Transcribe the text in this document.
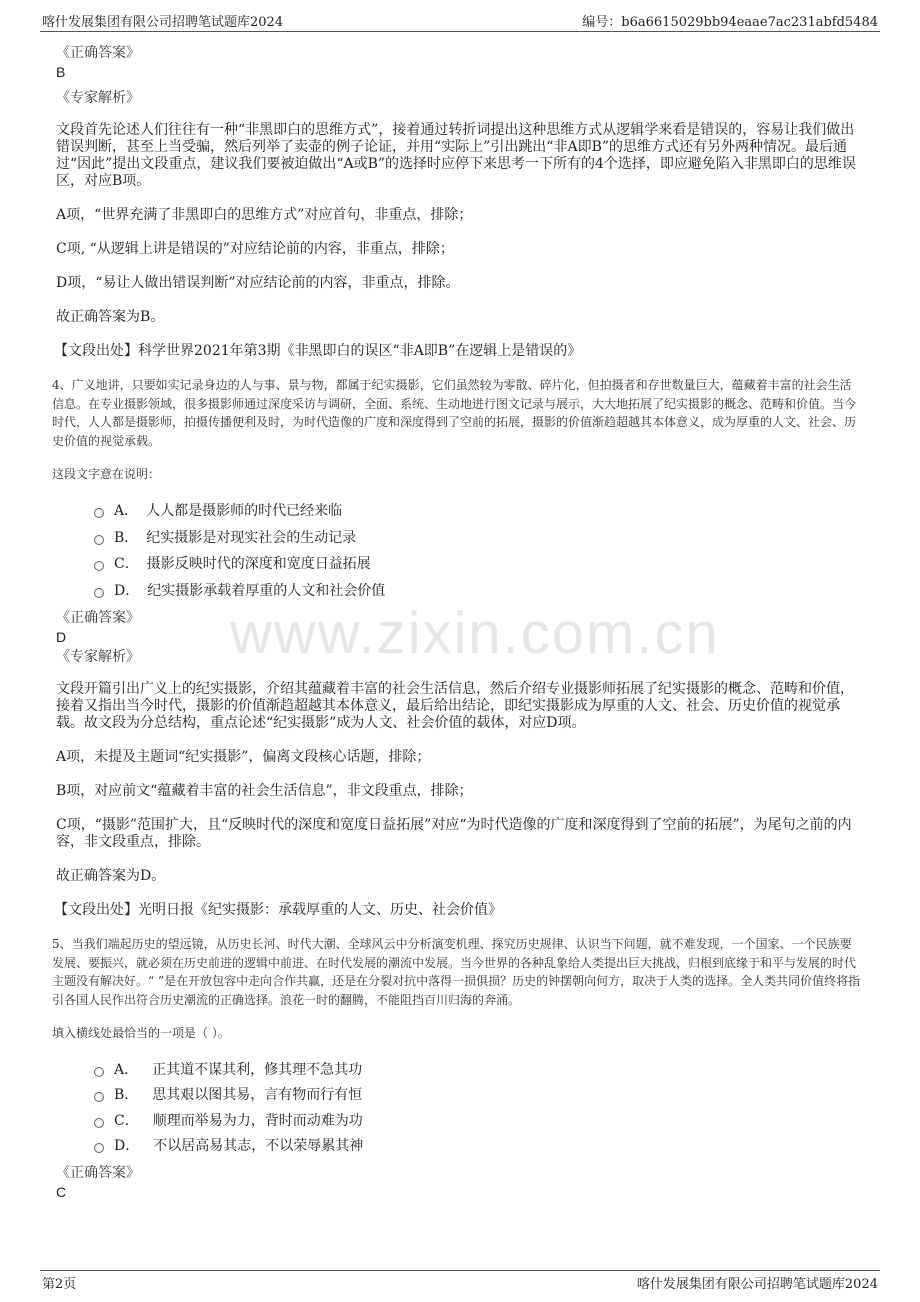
喀什发展集团有限公司招聘笔试题库2024	编号：b6a6615029bb94eaae7ac231abfd5484
www.zixin.com.cn

《正确答案》

B

《专家解析》

文段首先论述人们往往有一种“非黑即白的思维方式”，接着通过转折词提出这种思维方式从逻辑学来看是错误的，容易让我们做出错误判断，甚至上当受骗，然后列举了卖壶的例子论证，并用“实际上”引出跳出“非A即B”的思维方式还有另外两种情况。最后通过“因此”提出文段重点，建议我们要被迫做出“A或B”的选择时应停下来思考一下所有的4个选择，即应避免陷入非黑即白的思维误区，对应B项。

A项，“世界充满了非黑即白的思维方式”对应首句，非重点，排除；

C项, “从逻辑上讲是错误的”对应结论前的内容，非重点，排除；

D项，“易让人做出错误判断”对应结论前的内容，非重点，排除。

故正确答案为B。

【文段出处】科学世界2021年第3期《非黑即白的误区“非A即B”在逻辑上是错误的》

4、广义地讲，只要如实记录身边的人与事、景与物，都属于纪实摄影，它们虽然较为零散、碎片化，但拍摄者和存世数量巨大，蕴藏着丰富的社会生活信息。在专业摄影领域，很多摄影师通过深度采访与调研，全面、系统、生动地进行图文记录与展示，大大地拓展了纪实摄影的概念、范畴和价值。当今时代，人人都是摄影师，拍摄传播便利及时，为时代造像的广度和深度得到了空前的拓展，摄影的价值渐趋超越其本体意义，成为厚重的人文、社会、历史价值的视觉承载。

这段文字意在说明：

A． 人人都是摄影师的时代已经来临
B． 纪实摄影是对现实社会的生动记录
C． 摄影反映时代的深度和宽度日益拓展
D． 纪实摄影承载着厚重的人文和社会价值

《正确答案》

D

《专家解析》

文段开篇引出广义上的纪实摄影，介绍其蕴藏着丰富的社会生活信息，然后介绍专业摄影师拓展了纪实摄影的概念、范畴和价值，接着又指出当今时代，摄影的价值渐趋超越其本体意义，最后给出结论，即纪实摄影成为厚重的人文、社会、历史价值的视觉承载。故文段为分总结构，重点论述“纪实摄影”成为人文、社会价值的载体，对应D项。

A项，未提及主题词“纪实摄影”，偏离文段核心话题，排除；

B项，对应前文“蕴藏着丰富的社会生活信息”，非文段重点，排除；

C项，“摄影”范围扩大，且“反映时代的深度和宽度日益拓展”对应“为时代造像的广度和深度得到了空前的拓展”，为尾句之前的内容，非文段重点，排除。

故正确答案为D。

【文段出处】光明日报《纪实摄影：承载厚重的人文、历史、社会价值》

5、当我们端起历史的望远镜，从历史长河、时代大潮、全球风云中分析演变机理、探究历史规律、认识当下问题，就不难发现，一个国家、一个民族要发展、要振兴，就必须在历史前进的逻辑中前进、在时代发展的潮流中发展。当今世界的各种乱象给人类提出巨大挑战，归根到底缘于和平与发展的时代主题没有解决好。“ ”是在开放包容中走向合作共赢，还是在分裂对抗中落得一损俱损？历史的钟摆朝向何方，取决于人类的选择。全人类共同价值终将指引各国人民作出符合历史潮流的正确选择。浪花一时的翻腾，不能阻挡百川归海的奔涌。

填入横线处最恰当的一项是（ ）。

A． 正其道不谋其利，修其理不急其功
B． 思其艰以图其易，言有物而行有恒
C． 顺理而举易为力，背时而动难为功
D． 不以居高易其志，不以荣辱累其神

《正确答案》

C

第2页	喀什发展集团有限公司招聘笔试题库2024
